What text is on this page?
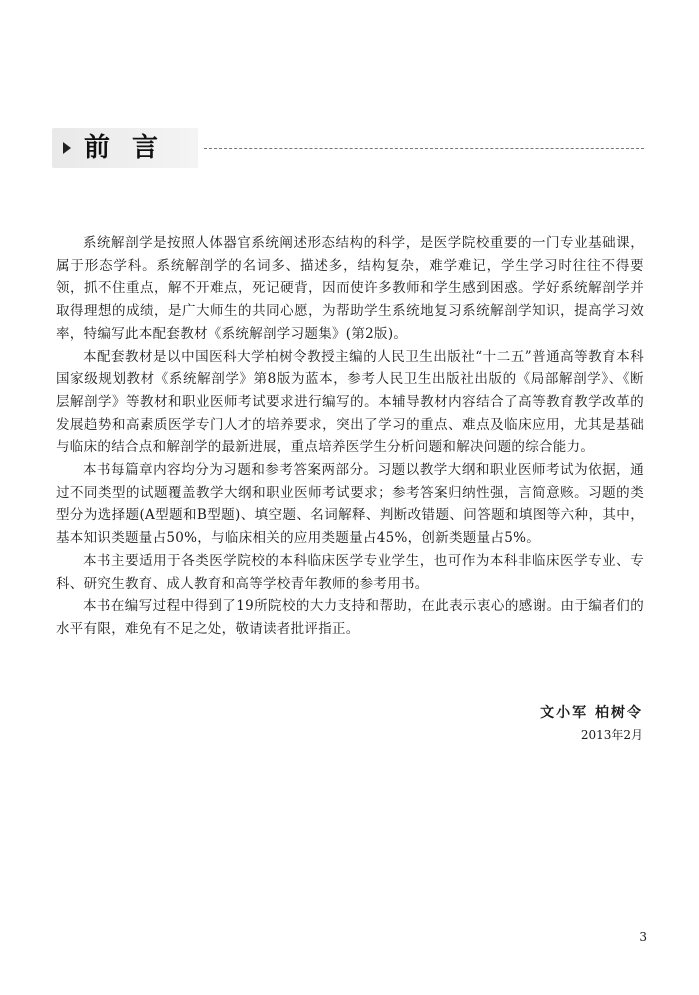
前言

系统解剖学是按照人体器官系统阐述形态结构的科学，是医学院校重要的一门专业基础课，属于形态学科。系统解剖学的名词多、描述多，结构复杂，难学难记，学生学习时往往不得要领，抓不住重点，解不开难点，死记硬背，因而使许多教师和学生感到困惑。学好系统解剖学并取得理想的成绩，是广大师生的共同心愿，为帮助学生系统地复习系统解剖学知识，提高学习效率，特编写此本配套教材《系统解剖学习题集》(第2版)。

本配套教材是以中国医科大学柏树令教授主编的人民卫生出版社“十二五”普通高等教育本科国家级规划教材《系统解剖学》第8版为蓝本，参考人民卫生出版社出版的《局部解剖学》、《断层解剖学》等教材和职业医师考试要求进行编写的。本辅导教材内容结合了高等教育教学改革的发展趋势和高素质医学专门人才的培养要求，突出了学习的重点、难点及临床应用，尤其是基础与临床的结合点和解剖学的最新进展，重点培养医学生分析问题和解决问题的综合能力。

本书每篇章内容均分为习题和参考答案两部分。习题以教学大纲和职业医师考试为依据，通过不同类型的试题覆盖教学大纲和职业医师考试要求；参考答案归纳性强，言简意赅。习题的类型分为选择题(A型题和B型题)、填空题、名词解释、判断改错题、问答题和填图等六种，其中，基本知识类题量占50%，与临床相关的应用类题量占45%，创新类题量占5%。

本书主要适用于各类医学院校的本科临床医学专业学生，也可作为本科非临床医学专业、专科、研究生教育、成人教育和高等学校青年教师的参考用书。

本书在编写过程中得到了19所院校的大力支持和帮助，在此表示衷心的感谢。由于编者们的水平有限，难免有不足之处，敬请读者批评指正。

文小军 柏树令
2013年2月
3
